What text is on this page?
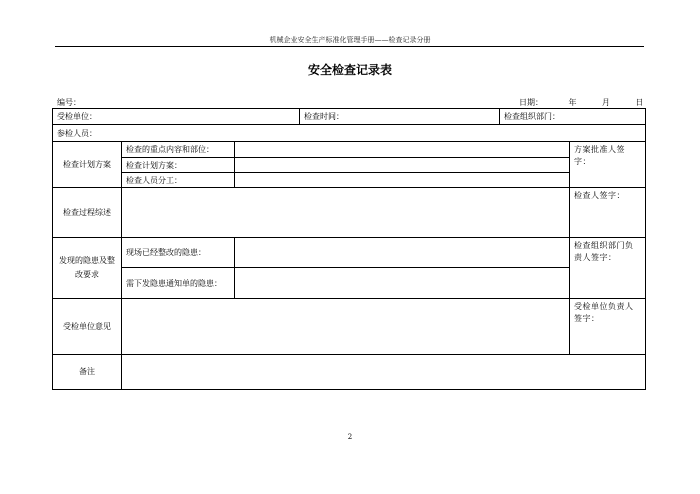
机械企业安全生产标准化管理手册——检查记录分册
安全检查记录表
编号：	日期：	年	月	日
受检单位：			检查时间：	检查组织部门：	
参检人员：					
检查计划方案	检查的重点内容和部位：				方案批准人签字：
	检查计划方案：				
	检查人员分工：				
检查过程综述					检查人签字：
发现的隐患及整改要求	现场已经整改的隐患：				检查组织部门负责人签字：
	需下发隐患通知单的隐患：				
受检单位意见					受检单位负责人签字：
备注					
2
